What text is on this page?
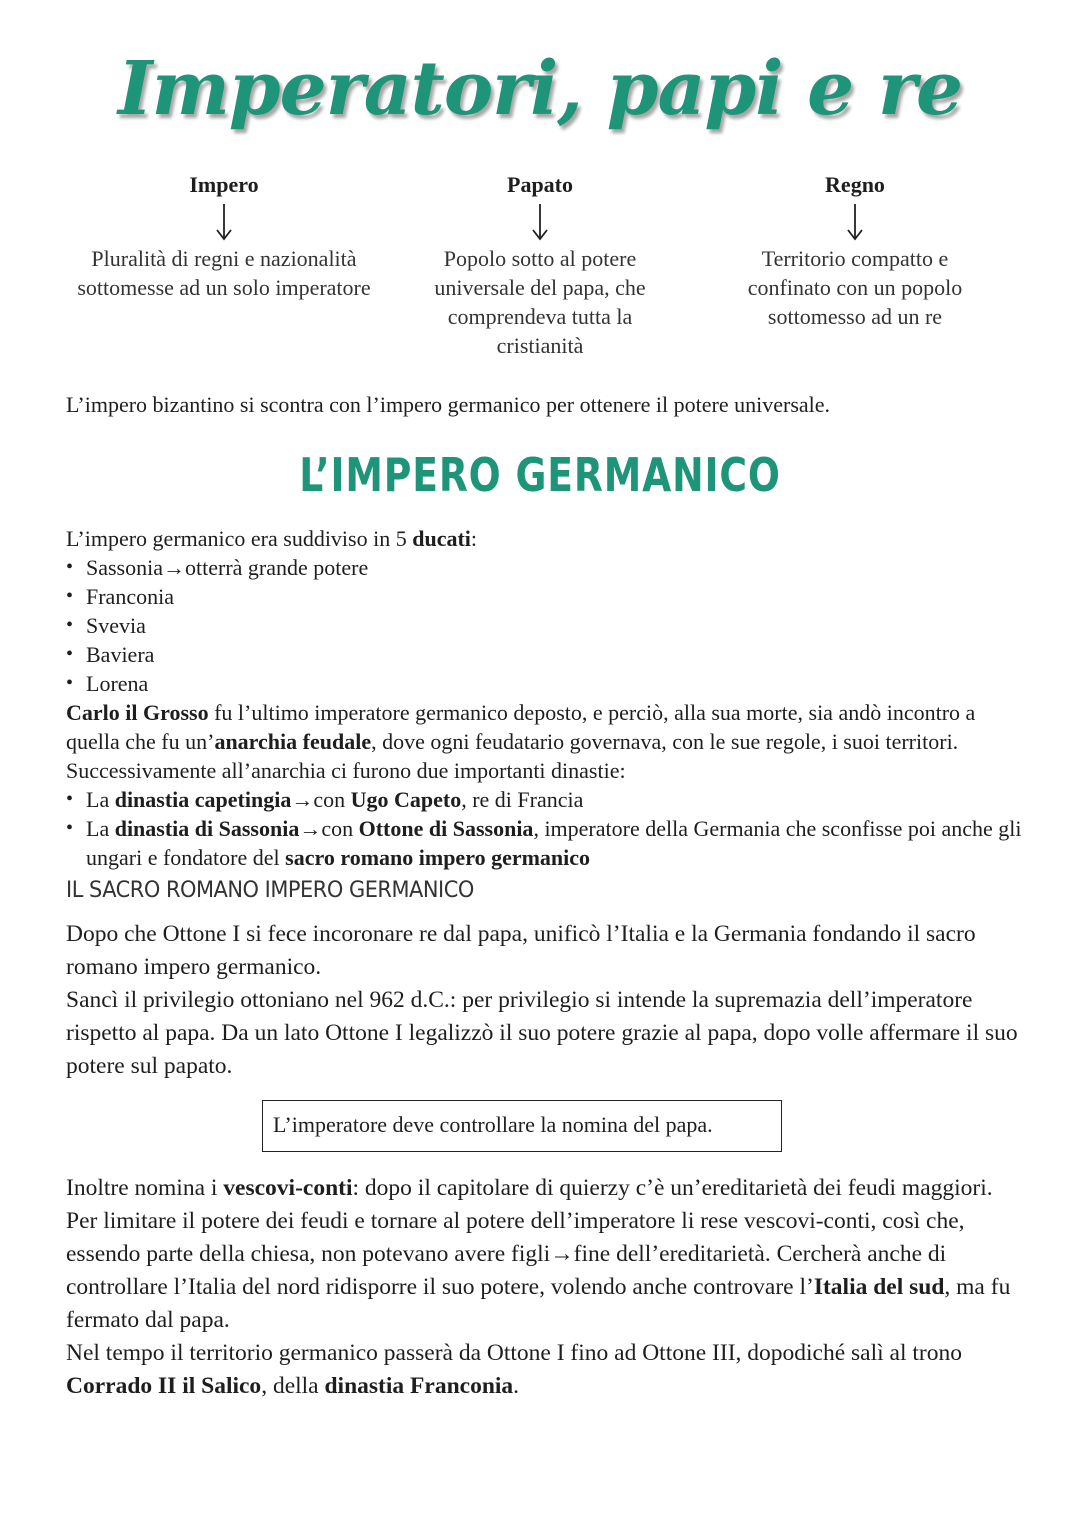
Imperatori, papi e re
Impero
Pluralità di regni e nazionalità sottomesse ad un solo imperatore
Papato
Popolo sotto al potere universale del papa, che comprendeva tutta la cristianità
Regno
Territorio compatto e confinato con un popolo sottomesso ad un re

L’impero bizantino si scontra con l’impero germanico per ottenere il potere universale.

L’IMPERO GERMANICO
L’impero germanico era suddiviso in 5 ducati:
• Sassonia→otterrà grande potere
• Franconia
• Svevia
• Baviera
• Lorena
Carlo il Grosso fu l’ultimo imperatore germanico deposto, e perciò, alla sua morte, sia andò incontro a quella che fu un’anarchia feudale, dove ogni feudatario governava, con le sue regole, i suoi territori. Successivamente all’anarchia ci furono due importanti dinastie:
• La dinastia capetingia→con Ugo Capeto, re di Francia
• La dinastia di Sassonia→con Ottone di Sassonia, imperatore della Germania che sconfisse poi anche gli ungari e fondatore del sacro romano impero germanico

IL SACRO ROMANO IMPERO GERMANICO

Dopo che Ottone I si fece incoronare re dal papa, unificò l’Italia e la Germania fondando il sacro romano impero germanico.
Sancì il privilegio ottoniano nel 962 d.C.: per privilegio si intende la supremazia dell’imperatore rispetto al papa. Da un lato Ottone I legalizzò il suo potere grazie al papa, dopo volle affermare il suo potere sul papato.
L’imperatore deve controllare la nomina del papa.
Inoltre nomina i vescovi-conti: dopo il capitolare di quierzy c’è un’ereditarietà dei feudi maggiori. Per limitare il potere dei feudi e tornare al potere dell’imperatore li rese vescovi-conti, così che, essendo parte della chiesa, non potevano avere figli→fine dell’ereditarietà. Cercherà anche di controllare l’Italia del nord ridisporre il suo potere, volendo anche controvare l’Italia del sud, ma fu fermato dal papa.
Nel tempo il territorio germanico passerà da Ottone I fino ad Ottone III, dopodiché salì al trono Corrado II il Salico, della dinastia Franconia.
